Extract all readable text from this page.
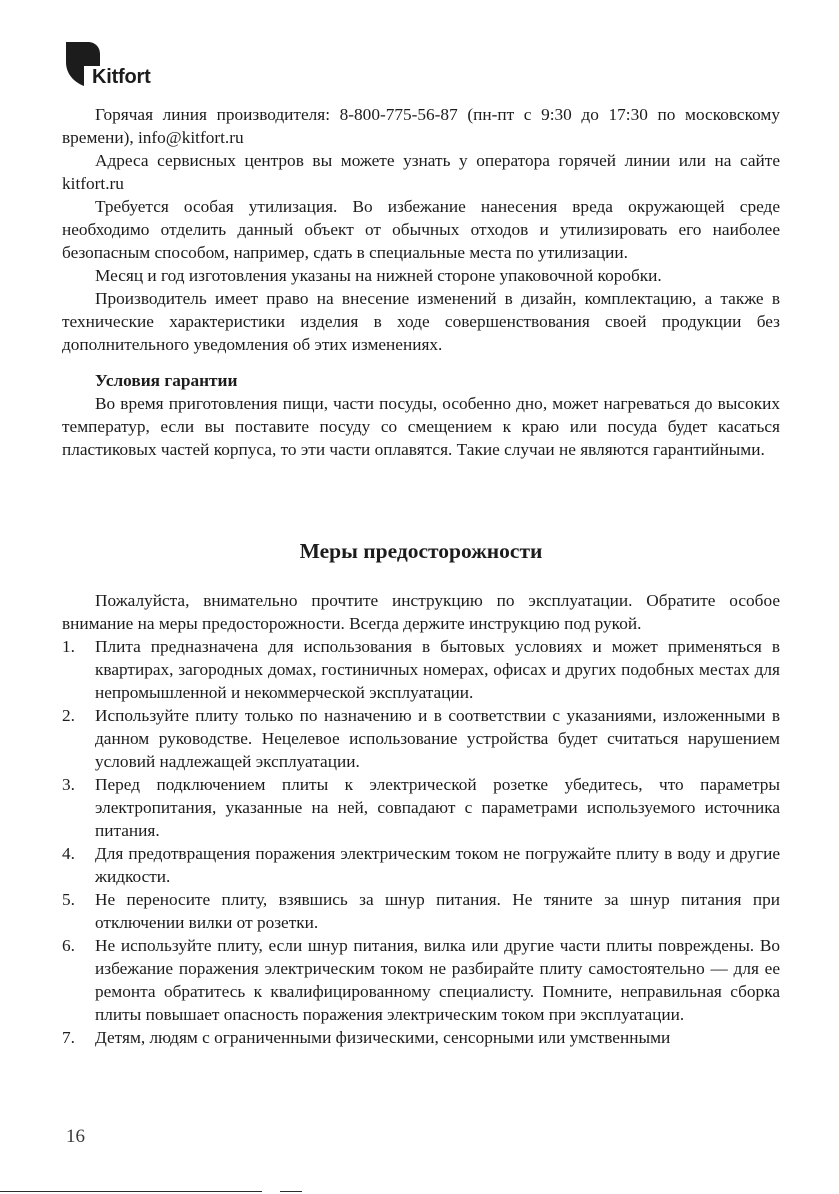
Kitfort

Горячая линия производителя: 8-800-775-56-87 (пн-пт с 9:30 до 17:30 по московскому времени), info@kitfort.ru

Адреса сервисных центров вы можете узнать у оператора горячей линии или на сайте kitfort.ru

Требуется особая утилизация. Во избежание нанесения вреда окружающей среде необходимо отделить данный объект от обычных отходов и утилизировать его наиболее безопасным способом, например, сдать в специальные места по утилизации.

Месяц и год изготовления указаны на нижней стороне упаковочной коробки.

Производитель имеет право на внесение изменений в дизайн, комплектацию, а также в технические характеристики изделия в ходе совершенствования своей продукции без дополнительного уведомления об этих изменениях.

Условия гарантии

Во время приготовления пищи, части посуды, особенно дно, может нагреваться до высоких температур, если вы поставите посуду со смещением к краю или посуда будет касаться пластиковых частей корпуса, то эти части оплавятся. Такие случаи не являются гарантийными.

Меры предосторожности

Пожалуйста, внимательно прочтите инструкцию по эксплуатации. Обратите особое внимание на меры предосторожности. Всегда держите инструкцию под рукой.

1. Плита предназначена для использования в бытовых условиях и может применяться в квартирах, загородных домах, гостиничных номерах, офисах и других подобных местах для непромышленной и некоммерческой эксплуатации.
2. Используйте плиту только по назначению и в соответствии с указаниями, изложенными в данном руководстве. Нецелевое использование устройства будет считаться нарушением условий надлежащей эксплуатации.
3. Перед подключением плиты к электрической розетке убедитесь, что параметры электропитания, указанные на ней, совпадают с параметрами используемого источника питания.
4. Для предотвращения поражения электрическим током не погружайте плиту в воду и другие жидкости.
5. Не переносите плиту, взявшись за шнур питания. Не тяните за шнур питания при отключении вилки от розетки.
6. Не используйте плиту, если шнур питания, вилка или другие части плиты повреждены. Во избежание поражения электрическим током не разбирайте плиту самостоятельно — для ее ремонта обратитесь к квалифицированному специалисту. Помните, неправильная сборка плиты повышает опасность поражения электрическим током при эксплуатации.
7. Детям, людям с ограниченными физическими, сенсорными или умственными
16
